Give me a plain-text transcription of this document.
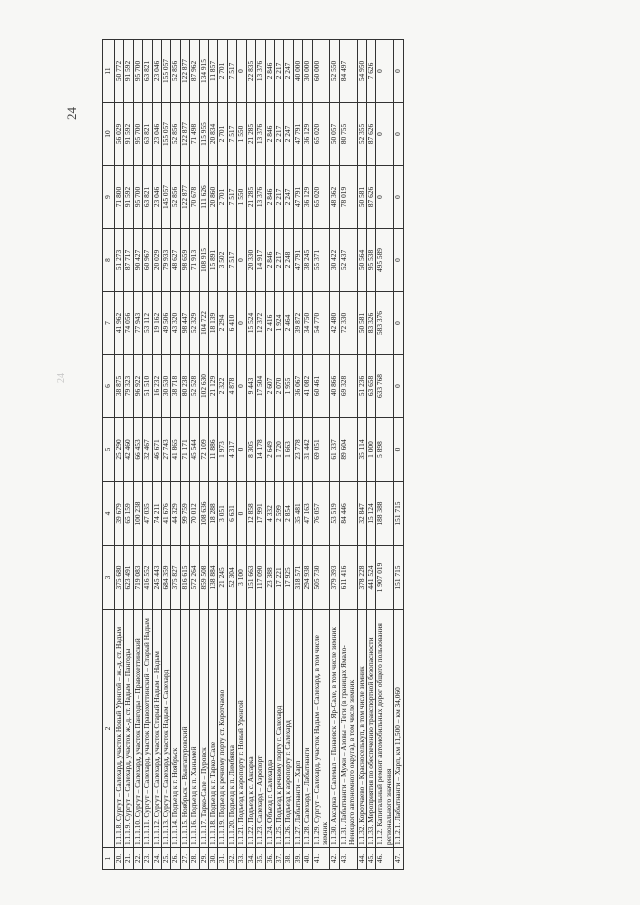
24
24
1	2	3	4	5	6	7	8	9	10	11
20.	1.1.1.8. Сургут – Салехард, участок Новый Уренгой – ж.-д. ст. Надым	375 680	39 679	25 290	38 875	41 962	51 273	71 800	56 029	50 772
21.	1.1.1.9. Сургут – Салехард, участок ж.-д. ст. Надым – Пангоды	623 491	65 159	42 460	79 323	74 056	87 717	91 592	91 592	91 592
22.	1.1.1.10. Сургут – Салехард, участок Пангоды – Правохеттинский	719 083	100 238	66 453	96 922	77 943	90 427	95 700	95 700	95 700
23.	1.1.1.11. Сургут – Салехард, участок Правохеттинский – Старый Надым	416 552	47 035	32 467	51 510	53 112	60 967	63 821	63 821	63 821
24.	1.1.1.12. Сургут – Салехард, участок Старый Надым – Надым	245 443	74 211	46 671	16 232	19 162	20 029	23 046	23 046	23 046
25.	1.1.1.13. Сургут – Салехард, участок Надым – Салехард	684 359	41 676	27 743	30 530	49 506	79 933	145 057	155 057	155 057
26.	1.1.1.14. Подъезд к г. Ноябрьск	375 827	44 329	41 865	38 718	43 320	48 627	52 856	52 856	52 856
27.	1.1.1.15. Ноябрьск – Вынгапуровский	816 615	99 759	71 171	80 238	98 447	98 659	122 877	122 877	122 877
28.	1.1.1.16. Подъезд к п. Ханымей	572 264	70 012	45 544	52 528	52 329	71 913	70 678	71 498	87 962
29.	1.1.1.17. Тарко-Сале – Пуровск	859 508	108 636	72 109	102 630	104 722	108 915	111 626	115 955	134 915
30.	1.1.1.18. Подъезд к г. Тарко-Сале	138 884	18 288	11 886	21 129	18 139	15 891	20 860	20 834	11 857
31.	1.1.1.19. Подъезд к речному порту ст. Коротчаево	21 245	3 051	1 973	2 322	2 294	3 502	2 701	2 701	2 701
32.	1.1.1.20. Подъезд к п. Лимбяяха	52 304	6 631	4 317	4 878	6 410	7 517	7 517	7 517	7 517
33.	1.1.21. Подъезд к аэропорту г. Новый Уренгой	3 100	0	0	0	0	0	1 550	1 550	0
34.	1.1.22. Подъезд к с. Аксарка	151 663	12 858	8 305	9 443	15 524	20 330	21 285	21 285	22 835
35.	1.1.23. Салехард – Аэропорт	117 090	17 991	14 178	17 504	12 372	14 917	13 376	13 376	13 376
36.	1.1.24. Объезд г. Салехарда	23 388	4 332	2 649	2 607	2 416	2 846	2 846	2 846	2 846
37.	1.1.25. Подъезд к речному порту г. Салехард	17 221	2 599	1 720	2 070	1 924	2 217	2 217	2 217	2 217
38.	1.1.26. Подъезд к аэропорту г. Салехард	17 925	2 854	1 663	1 955	2 464	2 248	2 247	2 247	2 247
39.	1.1.27. Лабытнанги – Харп	318 571	35 481	23 778	36 067	39 872	47 791	47 791	47 791	40 000
40.	1.1.28. Салехард – Лабытнанги	294 938	47 163	31 442	41 082	34 750	38 245	36 129	36 129	30 000
41.	1.1.29. Сургут – Салехард, участок Надым – Салехард, в том числе зимник	505 730	76 057	69 051	60 461	54 770	55 371	65 020	65 020	60 000
42.	1.1.30. Аксарка – Салемал – Панаевск – Яр-Сале, в том числе зимник	379 393	53 519	61 337	40 866	42 480	30 422	48 362	50 057	52 550
43.	1.1.31. Лабытнанги – Мужи – Азовы – Теги (в границах Ямало-Ненецкого автономного округа), в том числе зимник	611 416	84 446	89 604	69 328	72 330	52 437	78 019	80 755	84 497
44.	1.1.32. Коротчаево – Красноселькуп, в том числе зимник	378 228	32 847	35 114	51 236	50 581	50 564	50 581	52 355	54 950
45.	1.1.33. Мероприятия по обеспечению транспортной безопасности	441 524	15 124	1 000	63 658	83 326	95 538	87 626	87 626	7 626
46.	1.1.2. Капитальный ремонт автомобильных дорог общего пользования регионального значения	1 907 019	188 388	5 898	633 768	583 376	495 589	0	0	0
47.	1.1.2.1. Лабытнанги – Харп, км 11,500 – км 34,060	151 715	151 715	0	0	0	0	0	0	0
